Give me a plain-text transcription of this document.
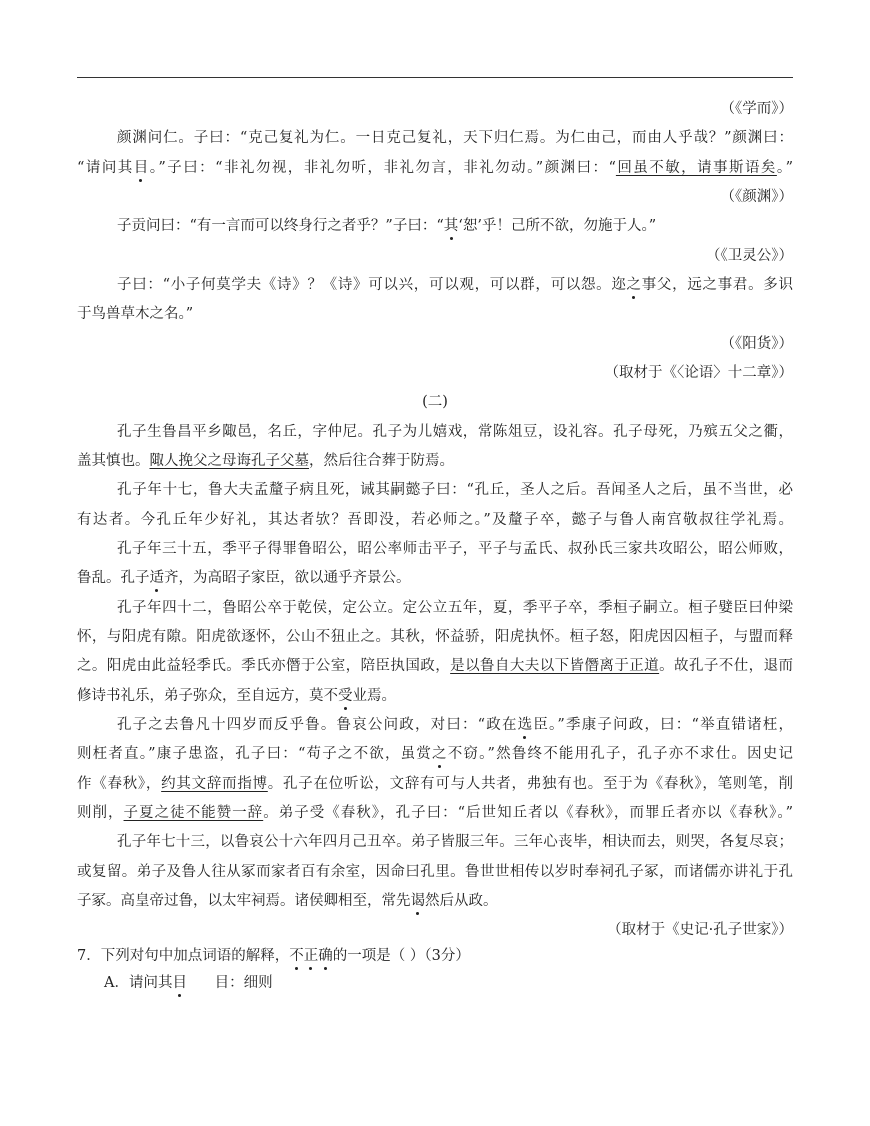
（《学而》）
颜渊问仁。子曰：“克己复礼为仁。一日克己复礼，天下归仁焉。为仁由己，而由人乎哉？”颜渊曰：
“请问其目。”子曰：“非礼勿视，非礼勿听，非礼勿言，非礼勿动。”颜渊曰：“回虽不敏，请事斯语矣。”
（《颜渊》）
子贡问曰：“有一言而可以终身行之者乎？”子曰：“其‘恕’乎！己所不欲，勿施于人。”
（《卫灵公》）
子曰：“小子何莫学夫《诗》？《诗》可以兴，可以观，可以群，可以怨。迩之事父，远之事君。多识
于鸟兽草木之名。”
（《阳货》）
（取材于《〈论语〉十二章》）
(二)
孔子生鲁昌平乡陬邑，名丘，字仲尼。孔子为儿嬉戏，常陈俎豆，设礼容。孔子母死，乃殡五父之衢，
盖其慎也。陬人挽父之母诲孔子父墓，然后往合葬于防焉。
孔子年十七，鲁大夫孟釐子病且死，诫其嗣懿子曰：“孔丘，圣人之后。吾闻圣人之后，虽不当世，必
有达者。今孔丘年少好礼，其达者欤？吾即没，若必师之。”及釐子卒，懿子与鲁人南宫敬叔往学礼焉。
孔子年三十五，季平子得罪鲁昭公，昭公率师击平子，平子与孟氏、叔孙氏三家共攻昭公，昭公师败，
鲁乱。孔子适齐，为高昭子家臣，欲以通乎齐景公。
孔子年四十二，鲁昭公卒于乾侯，定公立。定公立五年，夏，季平子卒，季桓子嗣立。桓子嬖臣曰仲梁
怀，与阳虎有隙。阳虎欲逐怀，公山不狃止之。其秋，怀益骄，阳虎执怀。桓子怒，阳虎因囚桓子，与盟而释
之。阳虎由此益轻季氏。季氏亦僭于公室，陪臣执国政，是以鲁自大夫以下皆僭离于正道。故孔子不仕，退而
修诗书礼乐，弟子弥众，至自远方，莫不受业焉。
孔子之去鲁凡十四岁而反乎鲁。鲁哀公问政，对曰：“政在选臣。”季康子问政，曰：“举直错诸枉，
则枉者直。”康子患盗，孔子曰：“苟子之不欲，虽赏之不窃。”然鲁终不能用孔子，孔子亦不求仕。因史记
作《春秋》，约其文辞而指博。孔子在位听讼，文辞有可与人共者，弗独有也。至于为《春秋》，笔则笔，削
则削，子夏之徒不能赞一辞。弟子受《春秋》，孔子曰：“后世知丘者以《春秋》，而罪丘者亦以《春秋》。”
孔子年七十三，以鲁哀公十六年四月己丑卒。弟子皆服三年。三年心丧毕，相诀而去，则哭，各复尽哀；
或复留。弟子及鲁人往从冢而家者百有余室，因命曰孔里。鲁世世相传以岁时奉祠孔子冢，而诸儒亦讲礼于孔
子冢。高皇帝过鲁，以太牢祠焉。诸侯卿相至，常先谒然后从政。
（取材于《史记·孔子世家》）
7．下列对句中加点词语的解释，不正确的一项是（ ）（3分）
A．请问其目      目：细则
